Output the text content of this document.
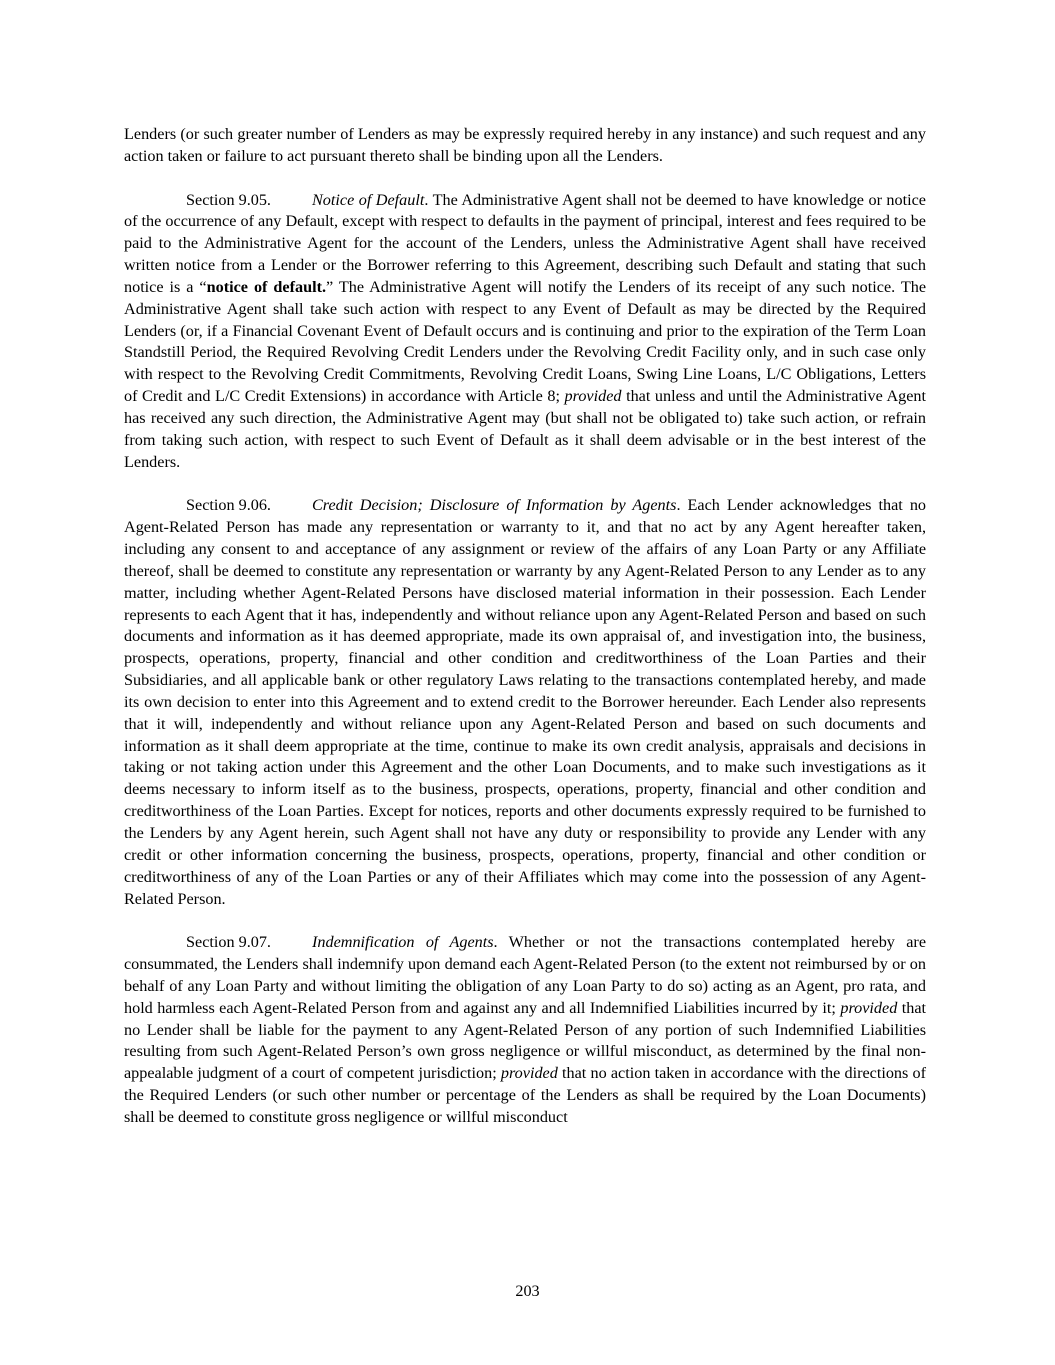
Lenders (or such greater number of Lenders as may be expressly required hereby in any instance) and such request and any action taken or failure to act pursuant thereto shall be binding upon all the Lenders.

Section 9.05.	Notice of Default. The Administrative Agent shall not be deemed to have knowledge or notice of the occurrence of any Default, except with respect to defaults in the payment of principal, interest and fees required to be paid to the Administrative Agent for the account of the Lenders, unless the Administrative Agent shall have received written notice from a Lender or the Borrower referring to this Agreement, describing such Default and stating that such notice is a “notice of default.” The Administrative Agent will notify the Lenders of its receipt of any such notice. The Administrative Agent shall take such action with respect to any Event of Default as may be directed by the Required Lenders (or, if a Financial Covenant Event of Default occurs and is continuing and prior to the expiration of the Term Loan Standstill Period, the Required Revolving Credit Lenders under the Revolving Credit Facility only, and in such case only with respect to the Revolving Credit Commitments, Revolving Credit Loans, Swing Line Loans, L/C Obligations, Letters of Credit and L/C Credit Extensions) in accordance with Article 8; provided that unless and until the Administrative Agent has received any such direction, the Administrative Agent may (but shall not be obligated to) take such action, or refrain from taking such action, with respect to such Event of Default as it shall deem advisable or in the best interest of the Lenders.

Section 9.06.	Credit Decision; Disclosure of Information by Agents. Each Lender acknowledges that no Agent-Related Person has made any representation or warranty to it, and that no act by any Agent hereafter taken, including any consent to and acceptance of any assignment or review of the affairs of any Loan Party or any Affiliate thereof, shall be deemed to constitute any representation or warranty by any Agent-Related Person to any Lender as to any matter, including whether Agent-Related Persons have disclosed material information in their possession. Each Lender represents to each Agent that it has, independently and without reliance upon any Agent-Related Person and based on such documents and information as it has deemed appropriate, made its own appraisal of, and investigation into, the business, prospects, operations, property, financial and other condition and creditworthiness of the Loan Parties and their Subsidiaries, and all applicable bank or other regulatory Laws relating to the transactions contemplated hereby, and made its own decision to enter into this Agreement and to extend credit to the Borrower hereunder. Each Lender also represents that it will, independently and without reliance upon any Agent-Related Person and based on such documents and information as it shall deem appropriate at the time, continue to make its own credit analysis, appraisals and decisions in taking or not taking action under this Agreement and the other Loan Documents, and to make such investigations as it deems necessary to inform itself as to the business, prospects, operations, property, financial and other condition and creditworthiness of the Loan Parties. Except for notices, reports and other documents expressly required to be furnished to the Lenders by any Agent herein, such Agent shall not have any duty or responsibility to provide any Lender with any credit or other information concerning the business, prospects, operations, property, financial and other condition or creditworthiness of any of the Loan Parties or any of their Affiliates which may come into the possession of any Agent-Related Person.

Section 9.07.	Indemnification of Agents. Whether or not the transactions contemplated hereby are consummated, the Lenders shall indemnify upon demand each Agent-Related Person (to the extent not reimbursed by or on behalf of any Loan Party and without limiting the obligation of any Loan Party to do so) acting as an Agent, pro rata, and hold harmless each Agent-Related Person from and against any and all Indemnified Liabilities incurred by it; provided that no Lender shall be liable for the payment to any Agent-Related Person of any portion of such Indemnified Liabilities resulting from such Agent-Related Person’s own gross negligence or willful misconduct, as determined by the final non-appealable judgment of a court of competent jurisdiction; provided that no action taken in accordance with the directions of the Required Lenders (or such other number or percentage of the Lenders as shall be required by the Loan Documents) shall be deemed to constitute gross negligence or willful misconduct

203
